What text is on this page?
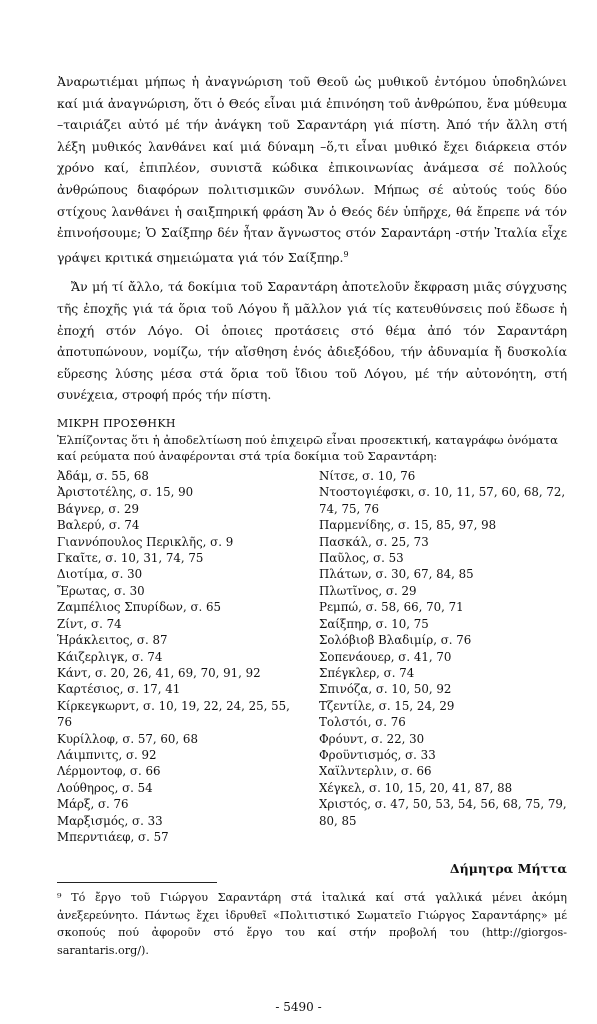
Ἀναρωτιέμαι μήπως ἡ ἀναγνώριση τοῦ Θεοῦ ὡς μυθικοῦ ἐντόμου ὑποδηλώνει καί μιά ἀναγνώριση, ὅτι ὁ Θεός εἶναι μιά ἐπινόηση τοῦ ἀνθρώπου, ἕνα μύθευμα –ταιριάζει αὐτό μέ τήν ἀνάγκη τοῦ Σαραντάρη γιά πίστη. Ἀπό τήν ἄλλη στή λέξη μυθικός λανθάνει καί μιά δύναμη –ὅ,τι εἶναι μυθικό ἔχει διάρκεια στόν χρόνο καί, ἐπιπλέον, συνιστᾶ κώδικα ἐπικοινωνίας ἀνάμεσα σέ πολλούς ἀνθρώπους διαφόρων πολιτισμικῶν συνόλων. Μήπως σέ αὐτούς τούς δύο στίχους λανθάνει ἡ σαιξπηρική φράση Ἄν ὁ Θεός δέν ὑπῆρχε, θά ἔπρεπε νά τόν ἐπινοήσουμε; Ὁ Σαίξπηρ δέν ἦταν ἄγνωστος στόν Σαραντάρη -στήν Ἰταλία εἶχε γράψει κριτικά σημειώματα γιά τόν Σαίξπηρ.$^9$

Ἄν μή τί ἄλλο, τά δοκίμια τοῦ Σαραντάρη ἀποτελοῦν ἔκφραση μιᾶς σύγχυσης τῆς ἐποχῆς γιά τά ὅρια τοῦ Λόγου ἤ μᾶλλον γιά τίς κατευθύνσεις πού ἔδωσε ἡ ἐποχή στόν Λόγο. Οἱ ὁποιες προτάσεις στό θέμα ἀπό τόν Σαραντάρη ἀποτυπώνουν, νομίζω, τήν αἴσθηση ἑνός ἀδιεξόδου, τήν ἀδυναμία ἤ δυσκολία εὕρεσης λύσης μέσα στά ὅρια τοῦ ἴδιου τοῦ Λόγου, μέ τήν αὐτονόητη, στή συνέχεια, στροφή πρός τήν πίστη.

ΜΙΚΡΗ ΠΡΟΣΘΗΚΗ
Ἐλπίζοντας ὅτι ἡ ἀποδελτίωση πού ἐπιχειρῶ εἶναι προσεκτική, καταγράφω ὀνόματα καί ρεύματα πού ἀναφέρονται στά τρία δοκίμια τοῦ Σαραντάρη:
Ἀδάμ, σ. 55, 68
Ἀριστοτέλης, σ. 15, 90
Βάγνερ, σ. 29
Βαλερύ, σ. 74
Γιαννόπουλος Περικλῆς, σ. 9
Γκαῖτε, σ. 10, 31, 74, 75
Διοτίμα, σ. 30
Ἔρωτας, σ. 30
Ζαμπέλιος Σπυρίδων, σ. 65
Ζίντ, σ. 74
Ἡράκλειτος, σ. 87
Κάιζερλιγκ, σ. 74
Κάντ, σ. 20, 26, 41, 69, 70, 91, 92
Καρτέσιος, σ. 17, 41
Κίρκεγκωρντ, σ. 10, 19, 22, 24, 25, 55, 76
Κυρίλλοφ, σ. 57, 60, 68
Λάιμπνιτς, σ. 92
Λέρμοντοφ, σ. 66
Λούθηρος, σ. 54
Μάρξ, σ. 76
Μαρξισμός, σ. 33
Μπερντιάεφ, σ. 57
Νίτσε, σ. 10, 76
Ντοστογιέφσκι, σ. 10, 11, 57, 60, 68, 72, 74, 75, 76
Παρμενίδης, σ. 15, 85, 97, 98
Πασκάλ, σ. 25, 73
Παῦλος, σ. 53
Πλάτων, σ. 30, 67, 84, 85
Πλωτῖνος, σ. 29
Ρεμπώ, σ. 58, 66, 70, 71
Σαίξπηρ, σ. 10, 75
Σολόβιοβ Βλαδιμίρ, σ. 76
Σοπενάουερ, σ. 41, 70
Σπέγκλερ, σ. 74
Σπινόζα, σ. 10, 50, 92
Τζεντίλε, σ. 15, 24, 29
Τολστόι, σ. 76
Φρόυντ, σ. 22, 30
Φροϋντισμός, σ. 33
Χαϊλντερλιν, σ. 66
Χέγκελ, σ. 10, 15, 20, 41, 87, 88
Χριστός, σ. 47, 50, 53, 54, 56, 68, 75, 79, 80, 85
Δήμητρα Μήττα
⁹ Τό ἔργο τοῦ Γιώργου Σαραντάρη στά ἰταλικά καί στά γαλλικά μένει ἀκόμη ἀνεξερεύνητο. Πάντως ἔχει ἱδρυθεῖ «Πολιτιστικό Σωματεῖο Γιώργος Σαραντάρης» μέ σκοπούς πού ἀφοροῦν στό ἔργο του καί στήν προβολή του (http://giorgos-sarantaris.org/).
- 5490 -
